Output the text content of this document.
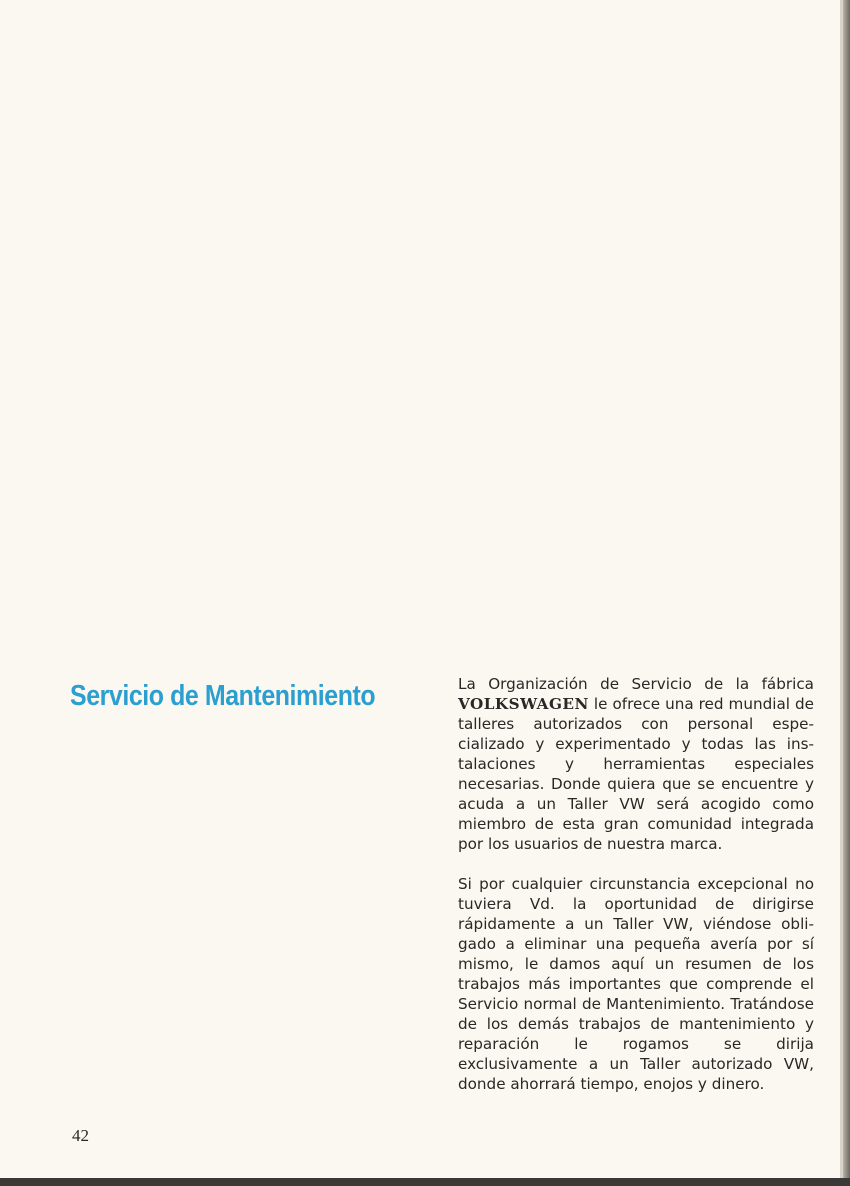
Servicio de Mantenimiento	La Organización de Servicio de la fábrica VOLKSWAGEN le ofrece una red mundial de talleres autorizados con personal especializado y experimentado y todas las instalaciones y herramientas especiales necesarias. Donde quiera que se encuentre y acuda a un Taller VW será acogido como miembro de esta gran comunidad integrada por los usuarios de nuestra marca.

Si por cualquier circunstancia excepcional no tuviera Vd. la oportunidad de dirigirse rápidamente a un Taller VW, viéndose obligado a eliminar una pequeña avería por sí mismo, le damos aquí un resumen de los trabajos más importantes que comprende el Servicio normal de Mantenimiento. Tratándose de los demás trabajos de mantenimiento y reparación le rogamos se dirija exclusivamente a un Taller autorizado VW, donde ahorrará tiempo, enojos y dinero.

42
